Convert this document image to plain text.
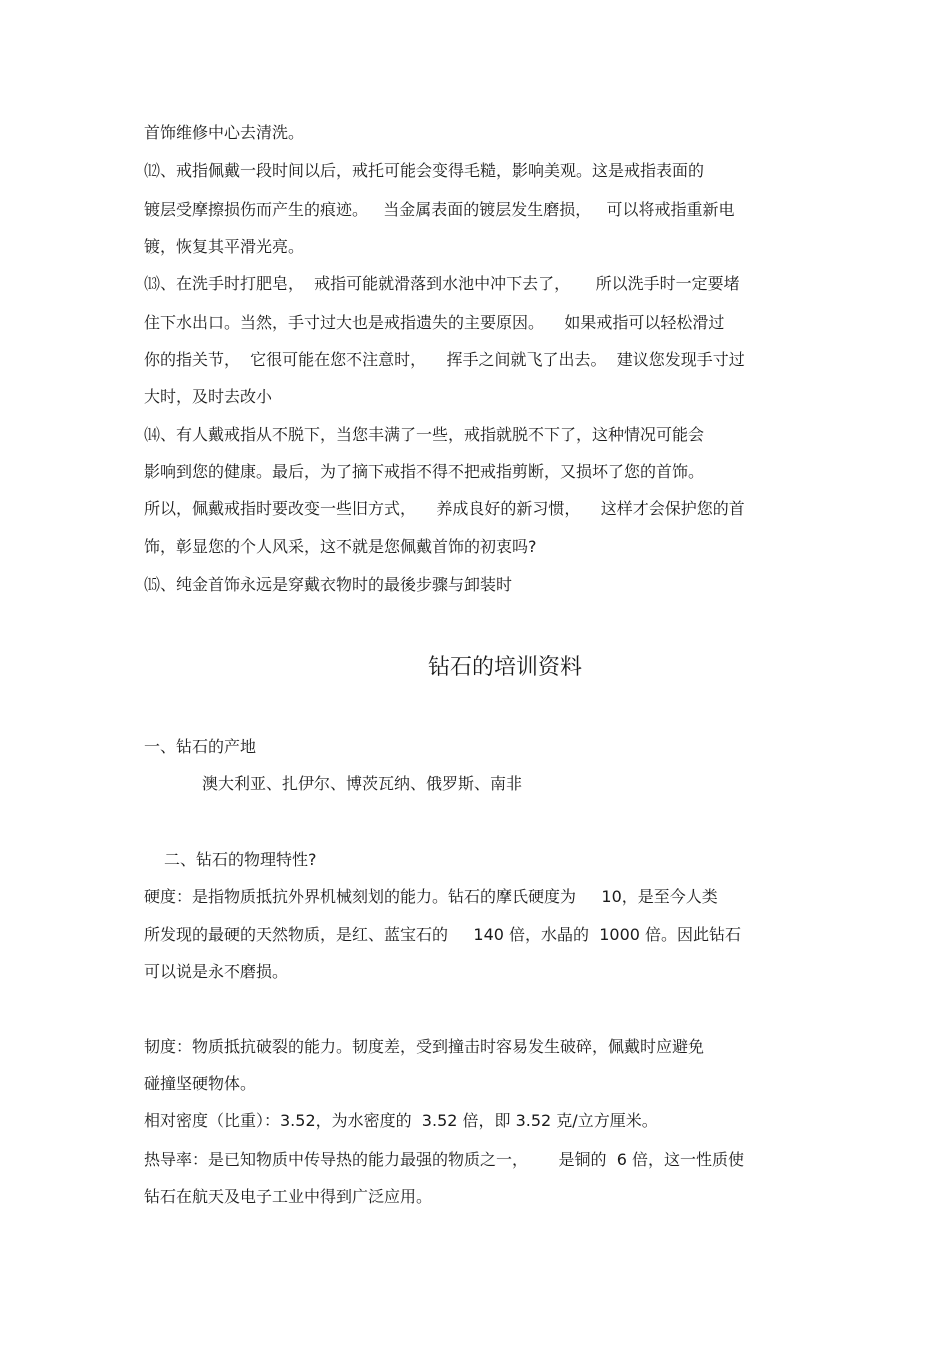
首饰维修中心去清洗。
⑿、戒指佩戴一段时间以后，戒托可能会变得毛糙，影响美观。这是戒指表面的
镀层受摩擦损伤而产生的痕迹。   当金属表面的镀层发生磨损，   可以将戒指重新电
镀，恢复其平滑光亮。
⒀、在洗手时打肥皂，  戒指可能就滑落到水池中冲下去了，     所以洗手时一定要堵
住下水出口。当然，手寸过大也是戒指遗失的主要原因。    如果戒指可以轻松滑过
你的指关节，  它很可能在您不注意时，    挥手之间就飞了出去。  建议您发现手寸过
大时，及时去改小
⒁、有人戴戒指从不脱下，当您丰满了一些，戒指就脱不下了，这种情况可能会
影响到您的健康。最后，为了摘下戒指不得不把戒指剪断，又损坏了您的首饰。
所以，佩戴戒指时要改变一些旧方式，    养成良好的新习惯，    这样才会保护您的首
饰，彰显您的个人风采，这不就是您佩戴首饰的初衷吗?
⒂、纯金首饰永远是穿戴衣物时的最後步骤与卸装时
钻石的培训资料
一、钻石的产地
澳大利亚、扎伊尔、博茨瓦纳、俄罗斯、南非
二、钻石的物理特性?
硬度：是指物质抵抗外界机械刻划的能力。钻石的摩氏硬度为     10，是至今人类
所发现的最硬的天然物质，是红、蓝宝石的     140 倍，水晶的  1000 倍。因此钻石
可以说是永不磨损。
韧度：物质抵抗破裂的能力。韧度差，受到撞击时容易发生破碎，佩戴时应避免
碰撞坚硬物体。
相对密度（比重）：3.52，为水密度的  3.52 倍，即 3.52 克/立方厘米。
热导率：是已知物质中传导热的能力最强的物质之一，      是铜的  6 倍，这一性质使
钻石在航天及电子工业中得到广泛应用。
